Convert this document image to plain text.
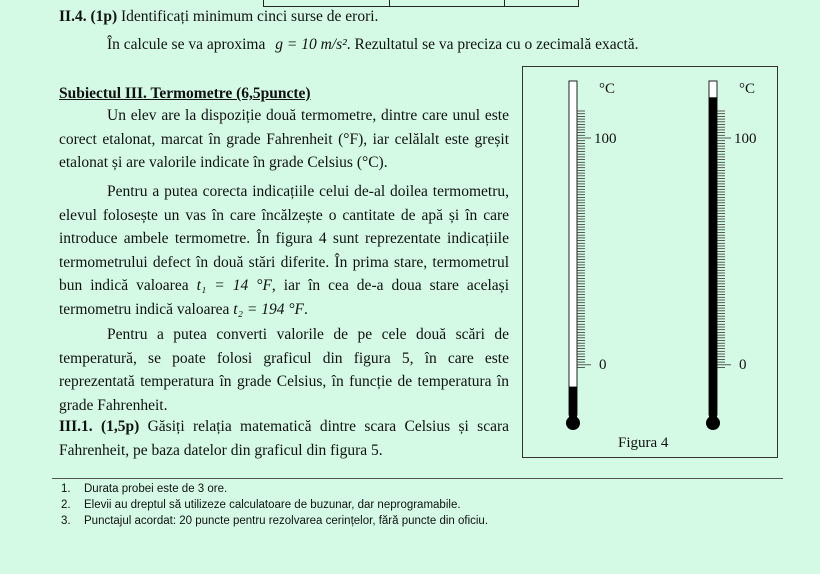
II.4. (1p) Identificați minimum cinci surse de erori.
În calcule se va aproxima g = 10 m/s². Rezultatul se va preciza cu o zecimală exactă.
Subiectul III. Termometre (6,5puncte)
Un elev are la dispoziție două termometre, dintre care unul este corect etalonat, marcat în grade Fahrenheit (°F), iar celălalt este greșit etalonat și are valorile indicate în grade Celsius (°C).
Pentru a putea corecta indicațiile celui de-al doilea termometru, elevul folosește un vas în care încălzește o cantitate de apă și în care introduce ambele termometre. În figura 4 sunt reprezentate indicațiile termometrului defect în două stări diferite. În prima stare, termometrul bun indică valoarea t₁ = 14 °F, iar în cea de-a doua stare același termometru indică valoarea t₂ = 194 °F.
Pentru a putea converti valorile de pe cele două scări de temperatură, se poate folosi graficul din figura 5, în care este reprezentată temperatura în grade Celsius, în funcție de temperatura în grade Fahrenheit.
III.1. (1,5p) Găsiți relația matematică dintre scara Celsius și scara Fahrenheit, pe baza datelor din graficul din figura 5.
°C
100
0
°C
100
0
Figura 4
1. Durata probei este de 3 ore.
2. Elevii au dreptul să utilizeze calculatoare de buzunar, dar neprogramabile.
3. Punctajul acordat: 20 puncte pentru rezolvarea cerințelor, fără puncte din oficiu.
